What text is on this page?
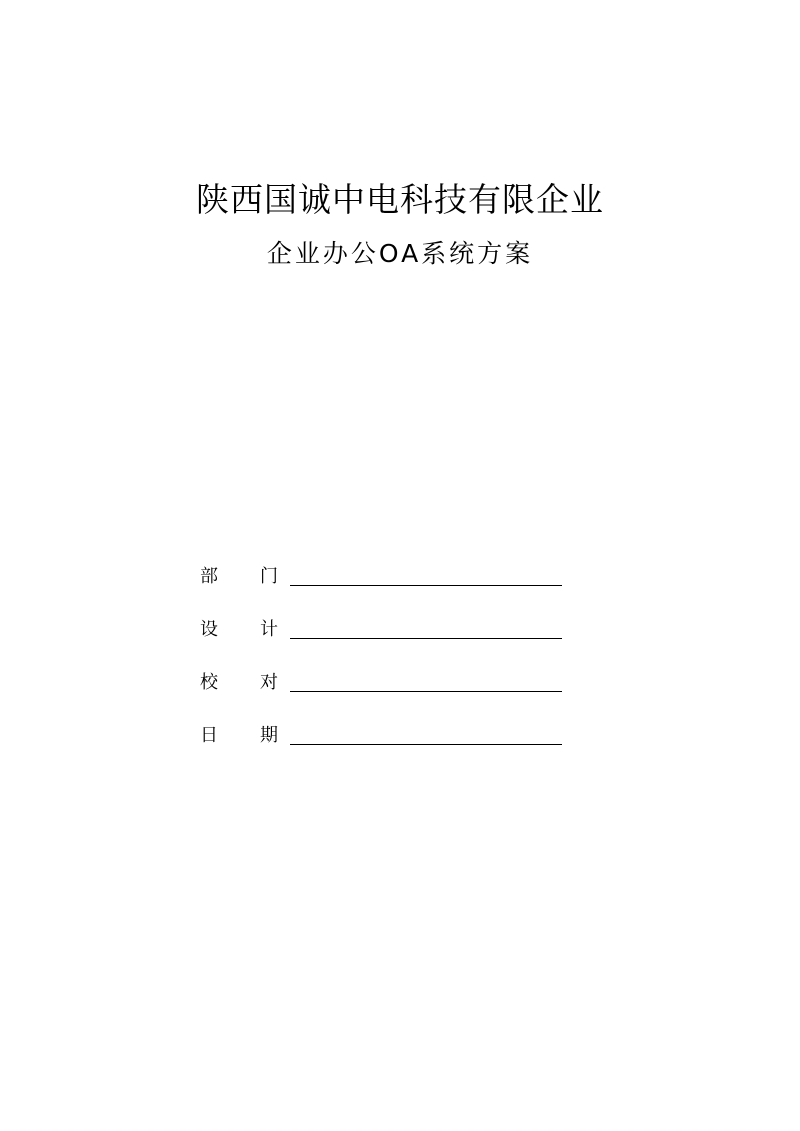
陕西国诚中电科技有限企业
企业办公OA系统方案
部 门
设 计
校 对
日 期
